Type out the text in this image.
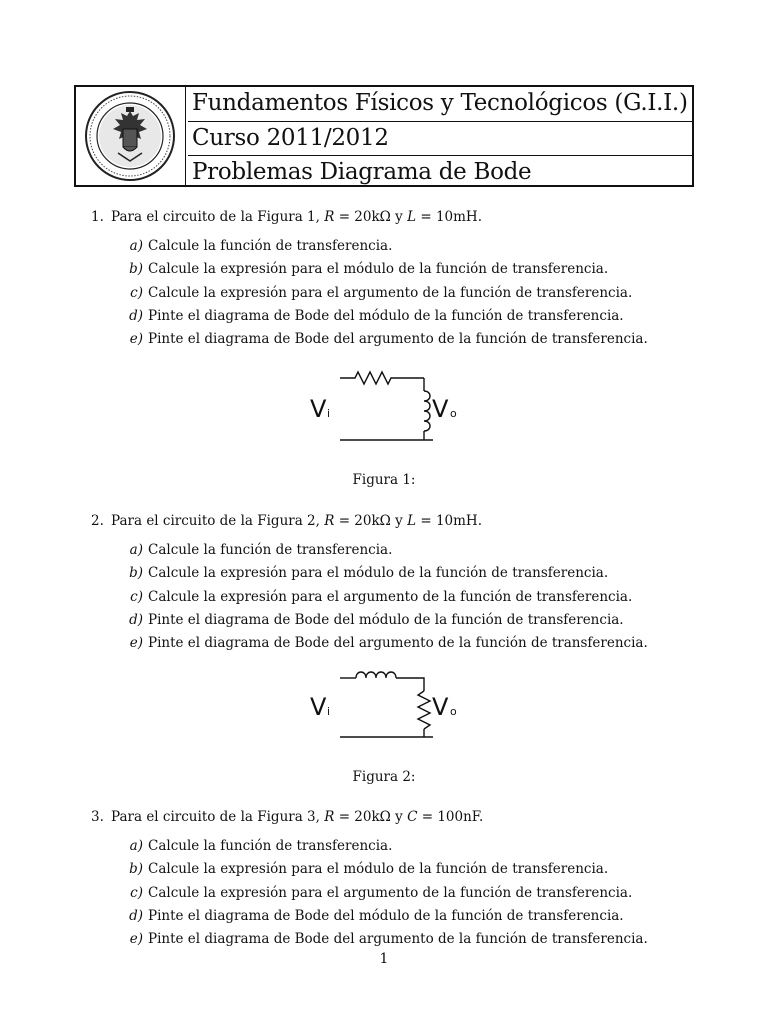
Fundamentos Físicos y Tecnológicos (G.I.I.)
Curso 2011/2012
Problemas Diagrama de Bode
1. Para el circuito de la Figura 1, R = 20kΩ y L = 10mH.
a) Calcule la función de transferencia.
b) Calcule la expresión para el módulo de la función de transferencia.
c) Calcule la expresión para el argumento de la función de transferencia.
d) Pinte el diagrama de Bode del módulo de la función de transferencia.
e) Pinte el diagrama de Bode del argumento de la función de transferencia.
V i	V o
Figura 1:
2. Para el circuito de la Figura 2, R = 20kΩ y L = 10mH.
a) Calcule la función de transferencia.
b) Calcule la expresión para el módulo de la función de transferencia.
c) Calcule la expresión para el argumento de la función de transferencia.
d) Pinte el diagrama de Bode del módulo de la función de transferencia.
e) Pinte el diagrama de Bode del argumento de la función de transferencia.
V i	V o
Figura 2:
3. Para el circuito de la Figura 3, R = 20kΩ y C = 100nF.
a) Calcule la función de transferencia.
b) Calcule la expresión para el módulo de la función de transferencia.
c) Calcule la expresión para el argumento de la función de transferencia.
d) Pinte el diagrama de Bode del módulo de la función de transferencia.
e) Pinte el diagrama de Bode del argumento de la función de transferencia.
1
